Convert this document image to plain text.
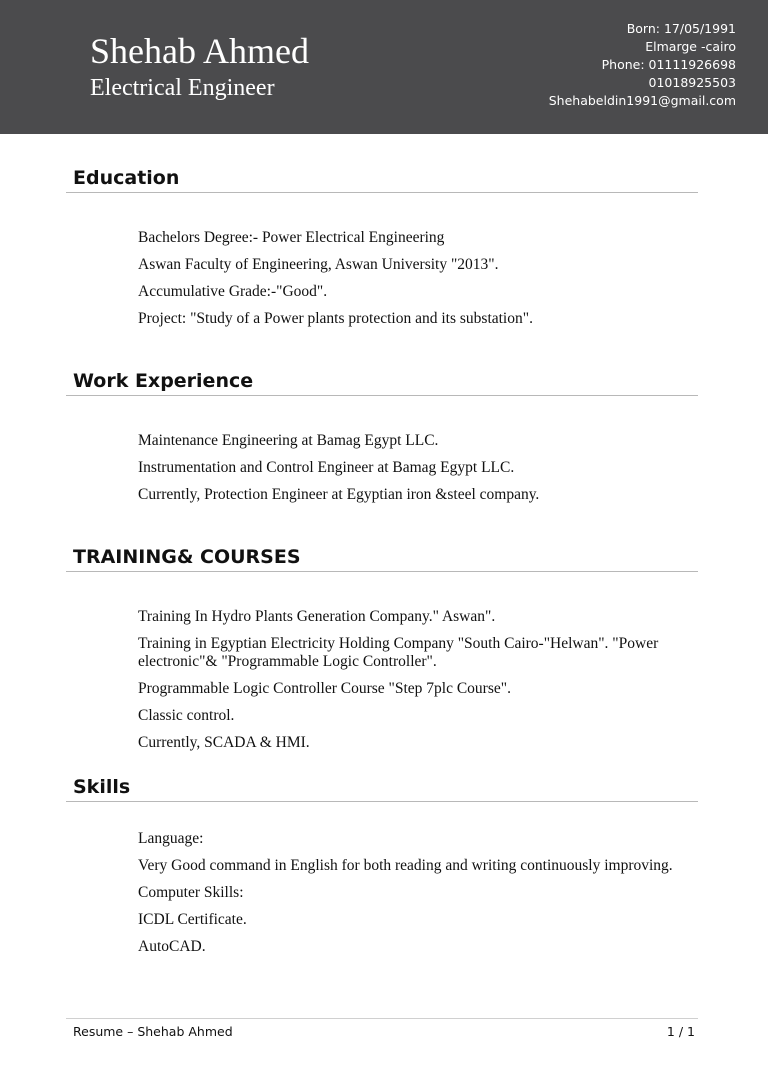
Shehab Ahmed
Electrical Engineer
Born: 17/05/1991
Elmarge -cairo
Phone: 01111926698
01018925503
Shehabeldin1991@gmail.com
Education
Bachelors Degree:- Power Electrical Engineering
Aswan Faculty of Engineering, Aswan University "2013".
Accumulative Grade:-"Good".
Project: "Study of a Power plants protection and its substation".
Work Experience
Maintenance Engineering at Bamag Egypt LLC.
Instrumentation and Control Engineer at Bamag Egypt LLC.
Currently, Protection Engineer at Egyptian iron &steel company.
TRAINING& COURSES
Training In Hydro Plants Generation Company." Aswan".
Training in Egyptian Electricity Holding Company "South Cairo-"Helwan". "Power electronic"& "Programmable Logic Controller".
Programmable Logic Controller Course "Step 7plc Course".
Classic control.
Currently, SCADA & HMI.
Skills
Language:
Very Good command in English for both reading and writing continuously improving.
Computer Skills:
ICDL Certificate.
AutoCAD.
Resume – Shehab Ahmed	1 / 1
